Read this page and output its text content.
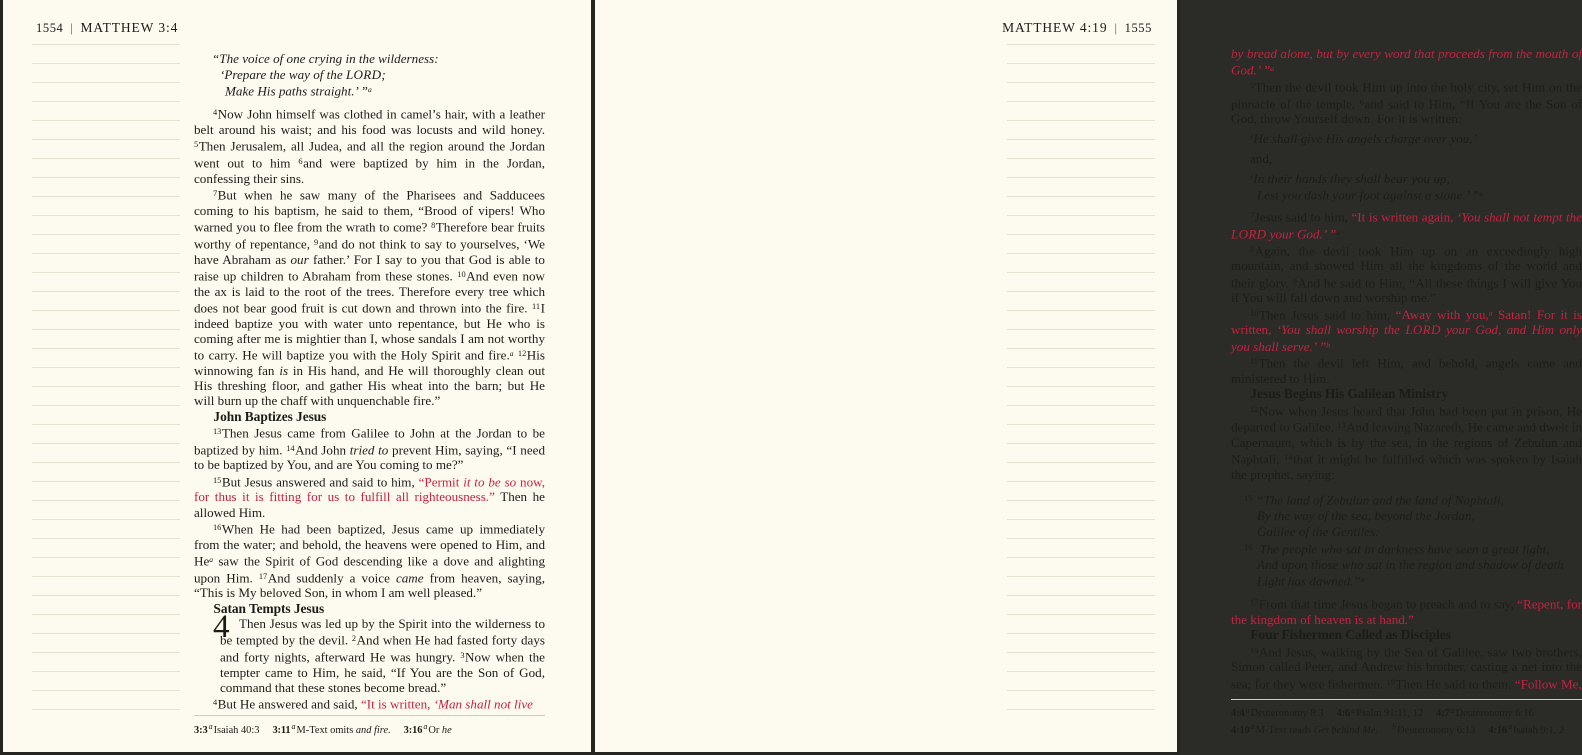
1554 | MATTHEW 3:4
“The voice of one crying in the wilderness:
‘Prepare the way of the LORD;
Make His paths straight.’ ”$^a$

$^4$Now John himself was clothed in camel’s hair, with a leather belt around his waist; and his food was locusts and wild honey. $^5$Then Jerusalem, all Judea, and all the region around the Jordan went out to him $^6$and were baptized by him in the Jordan, confessing their sins.

$^7$But when he saw many of the Pharisees and Sadducees coming to his baptism, he said to them, “Brood of vipers! Who warned you to flee from the wrath to come? $^8$Therefore bear fruits worthy of repentance, $^9$and do not think to say to yourselves, ‘We have Abraham as our father.’ For I say to you that God is able to raise up children to Abraham from these stones. $^{10}$And even now the ax is laid to the root of the trees. Therefore every tree which does not bear good fruit is cut down and thrown into the fire. $^{11}$I indeed baptize you with water unto repentance, but He who is coming after me is mightier than I, whose sandals I am not worthy to carry. He will baptize you with the Holy Spirit and fire.$^a$ $^{12}$His winnowing fan is in His hand, and He will thoroughly clean out His threshing floor, and gather His wheat into the barn; but He will burn up the chaff with unquenchable fire.”

John Baptizes Jesus

$^{13}$Then Jesus came from Galilee to John at the Jordan to be baptized by him. $^{14}$And John tried to prevent Him, saying, “I need to be baptized by You, and are You coming to me?”

$^{15}$But Jesus answered and said to him, “Permit it to be so now, for thus it is fitting for us to fulfill all righteousness.” Then he allowed Him.

$^{16}$When He had been baptized, Jesus came up immediately from the water; and behold, the heavens were opened to Him, and He$^a$ saw the Spirit of God descending like a dove and alighting upon Him. $^{17}$And suddenly a voice came from heaven, saying, “This is My beloved Son, in whom I am well pleased.”

Satan Tempts Jesus

4 Then Jesus was led up by the Spirit into the wilderness to be tempted by the devil. $^2$And when He had fasted forty days and forty nights, afterward He was hungry. $^3$Now when the tempter came to Him, he said, “If You are the Son of God, command that these stones become bread.”

$^4$But He answered and said, “It is written, ‘Man shall not live

3:3$^a$Isaiah 40:3 3:11$^a$M-Text omits and fire. 3:16$^a$Or he
MATTHEW 4:19 | 1555

by bread alone, but by every word that proceeds from the mouth of God.’ ”$^a$

$^5$Then the devil took Him up into the holy city, set Him on the pinnacle of the temple, $^6$and said to Him, “If You are the Son of God, throw Yourself down. For it is written:

‘He shall give His angels charge over you,’

and,

‘In their hands they shall bear you up,
Lest you dash your foot against a stone.’ ”$^a$

$^7$Jesus said to him, “It is written again, ‘You shall not tempt the LORD your God.’ ”$^a$

$^8$Again, the devil took Him up on an exceedingly high mountain, and showed Him all the kingdoms of the world and their glory. $^9$And he said to Him, “All these things I will give You if You will fall down and worship me.”

$^{10}$Then Jesus said to him, “Away with you,$^a$ Satan! For it is written, ‘You shall worship the LORD your God, and Him only you shall serve.’ ”$^b$

$^{11}$Then the devil left Him, and behold, angels came and ministered to Him.

Jesus Begins His Galilean Ministry

$^{12}$Now when Jesus heard that John had been put in prison, He departed to Galilee. $^{13}$And leaving Nazareth, He came and dwelt in Capernaum, which is by the sea, in the regions of Zebulun and Naphtali, $^{14}$that it might be fulfilled which was spoken by Isaiah the prophet, saying:

$^{15}$ “The land of Zebulun and the land of Naphtali,
By the way of the sea, beyond the Jordan,
Galilee of the Gentiles:
$^{16}$ The people who sat in darkness have seen a great light,
And upon those who sat in the region and shadow of death
Light has dawned.”$^a$

$^{17}$From that time Jesus began to preach and to say, “Repent, for the kingdom of heaven is at hand.”

Four Fishermen Called as Disciples

$^{18}$And Jesus, walking by the Sea of Galilee, saw two brothers, Simon called Peter, and Andrew his brother, casting a net into the sea; for they were fishermen. $^{19}$Then He said to them, “Follow Me,

4:4$^a$Deuteronomy 8:3 4:6$^a$Psalm 91:11, 12 4:7$^a$Deuteronomy 6:16
4:10$^a$M-Text reads Get behind Me. $^b$Deuteronomy 6:13 4:16$^a$Isaiah 9:1, 2
